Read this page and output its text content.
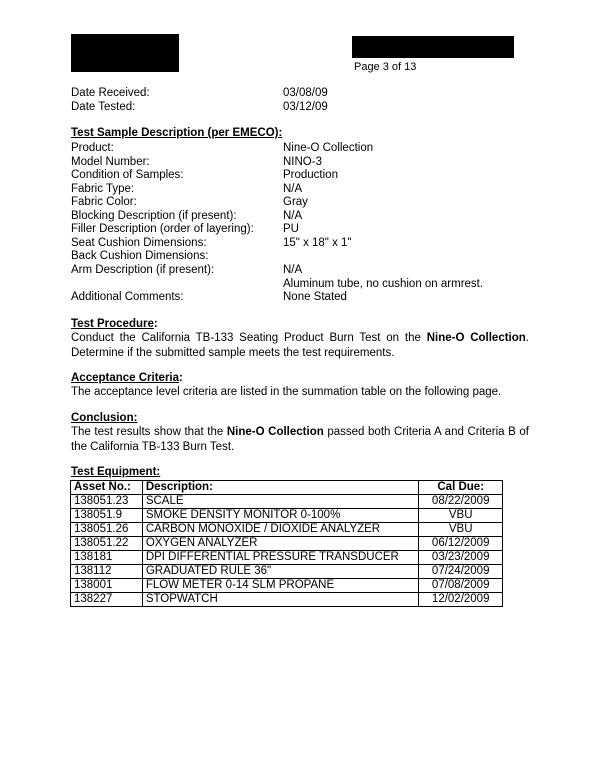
Page 3 of 13
Date Received:	03/08/09
Date Tested:	03/12/09
Test Sample Description (per EMECO):
Product:	Nine-O Collection
Model Number:	NINO-3
Condition of Samples:	Production
Fabric Type:	N/A
Fabric Color:	Gray
Blocking Description (if present):	N/A
Filler Description (order of layering):	PU
Seat Cushion Dimensions:	15" x 18" x 1"
Back Cushion Dimensions:
Arm Description (if present):	N/A
Aluminum tube, no cushion on armrest.
Additional Comments:	None Stated
Test Procedure:
Conduct the California TB-133 Seating Product Burn Test on the Nine-O Collection. Determine if the submitted sample meets the test requirements.
Acceptance Criteria:
The acceptance level criteria are listed in the summation table on the following page.
Conclusion:
The test results show that the Nine-O Collection passed both Criteria A and Criteria B of the California TB-133 Burn Test.
Test Equipment:
Asset No.:	Description:	Cal Due:
138051.23	SCALE	08/22/2009
138051.9	SMOKE DENSITY MONITOR 0-100%	VBU
138051.26	CARBON MONOXIDE / DIOXIDE ANALYZER	VBU
138051.22	OXYGEN ANALYZER	06/12/2009
138181	DPI DIFFERENTIAL PRESSURE TRANSDUCER	03/23/2009
138112	GRADUATED RULE 36"	07/24/2009
138001	FLOW METER 0-14 SLM PROPANE	07/08/2009
138227	STOPWATCH	12/02/2009
